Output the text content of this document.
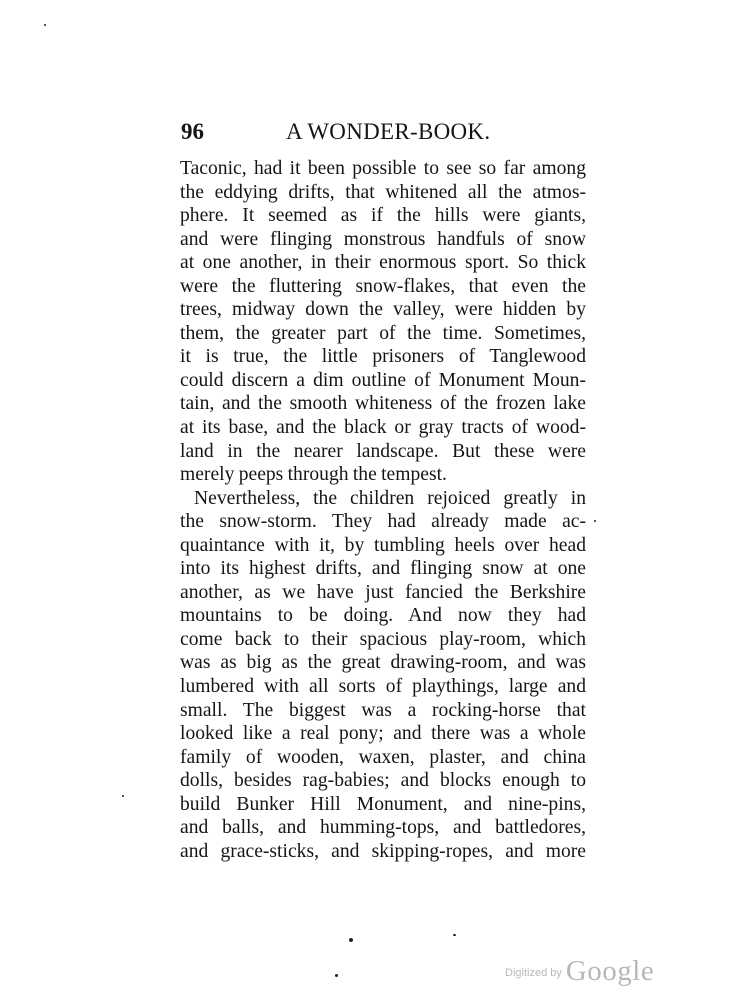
96	A WONDER-BOOK.
Taconic, had it been possible to see so far among
the eddying drifts, that whitened all the atmos-
phere. It seemed as if the hills were giants,
and were flinging monstrous handfuls of snow
at one another, in their enormous sport. So thick
were the fluttering snow-flakes, that even the
trees, midway down the valley, were hidden by
them, the greater part of the time. Sometimes,
it is true, the little prisoners of Tanglewood
could discern a dim outline of Monument Moun-
tain, and the smooth whiteness of the frozen lake
at its base, and the black or gray tracts of wood-
land in the nearer landscape. But these were
merely peeps through the tempest.
Nevertheless, the children rejoiced greatly in
the snow-storm. They had already made ac-
quaintance with it, by tumbling heels over head
into its highest drifts, and flinging snow at one
another, as we have just fancied the Berkshire
mountains to be doing. And now they had
come back to their spacious play-room, which
was as big as the great drawing-room, and was
lumbered with all sorts of playthings, large and
small. The biggest was a rocking-horse that
looked like a real pony; and there was a whole
family of wooden, waxen, plaster, and china
dolls, besides rag-babies; and blocks enough to
build Bunker Hill Monument, and nine-pins,
and balls, and humming-tops, and battledores,
and grace-sticks, and skipping-ropes, and more
$^{Digitized by}$ Google
